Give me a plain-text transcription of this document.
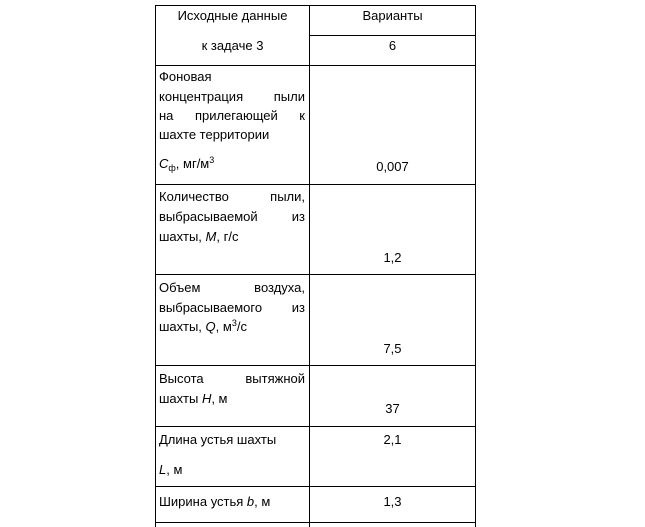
Исходные данные
к задаче 3
Варианты
6
Фоновая
концентрация пыли
на прилегающей к
шахте территории
$C_ф$, $мг/м^3$	0,007
Количество пыли,
выбрасываемой из
шахты, M, г/с
1,2
Объем воздуха,
выбрасываемого из
шахты, Q, $м^3/с$
7,5
Высота вытяжной
шахты H, м
37
Длина устья шахты
L, м
2,1
Ширина устья b, м	1,3
